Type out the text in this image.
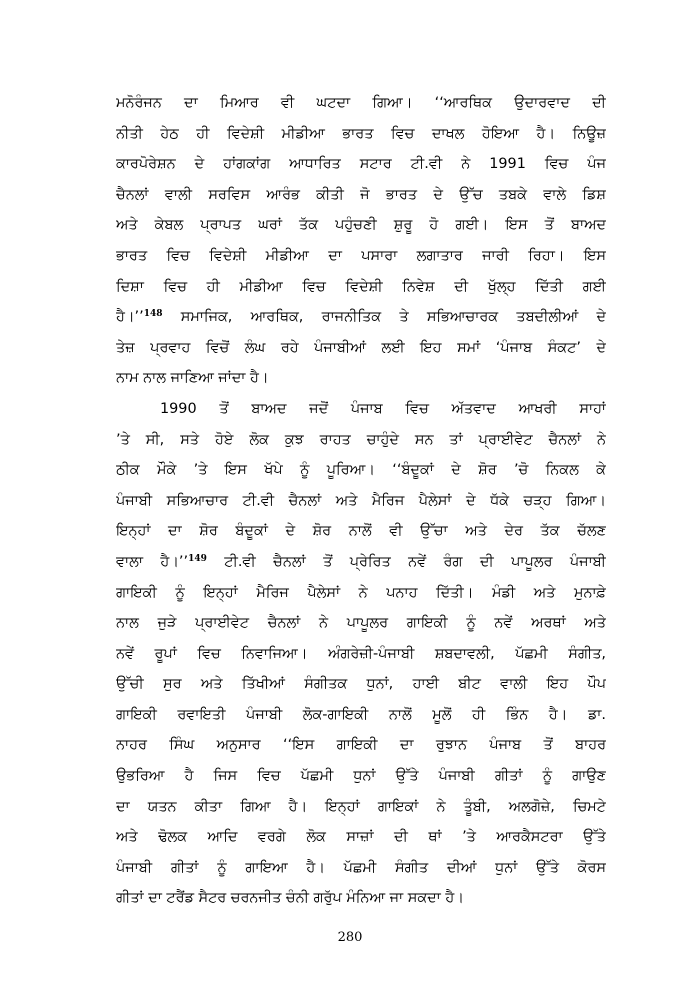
ਮਨੋਰੰਜਨ ਦਾ ਮਿਆਰ ਵੀ ਘਟਦਾ ਗਿਆ। ‘‘ਆਰਥਿਕ ਉਦਾਰਵਾਦ ਦੀ
ਨੀਤੀ ਹੇਠ ਹੀ ਵਿਦੇਸ਼ੀ ਮੀਡੀਆ ਭਾਰਤ ਵਿਚ ਦਾਖਲ ਹੋਇਆ ਹੈ। ਨਿਊਜ਼
ਕਾਰਪੋਰੇਸ਼ਨ ਦੇ ਹਾਂਗਕਾਂਗ ਆਧਾਰਿਤ ਸਟਾਰ ਟੀ.ਵੀ ਨੇ 1991 ਵਿਚ ਪੰਜ
ਚੈਨਲਾਂ ਵਾਲੀ ਸਰਵਿਸ ਆਰੰਭ ਕੀਤੀ ਜੋ ਭਾਰਤ ਦੇ ਉੱਚ ਤਬਕੇ ਵਾਲੇ ਡਿਸ਼
ਅਤੇ ਕੇਬਲ ਪ੍ਰਾਪਤ ਘਰਾਂ ਤੱਕ ਪਹੁੰਚਣੀ ਸ਼ੁਰੂ ਹੋ ਗਈ। ਇਸ ਤੋਂ ਬਾਅਦ
ਭਾਰਤ ਵਿਚ ਵਿਦੇਸ਼ੀ ਮੀਡੀਆ ਦਾ ਪਸਾਰਾ ਲਗਾਤਾਰ ਜਾਰੀ ਰਿਹਾ। ਇਸ
ਦਿਸ਼ਾ ਵਿਚ ਹੀ ਮੀਡੀਆ ਵਿਚ ਵਿਦੇਸ਼ੀ ਨਿਵੇਸ਼ ਦੀ ਖੁੱਲ੍ਹ ਦਿੱਤੀ ਗਈ
ਹੈ।’’$^{148}$ ਸਮਾਜਿਕ, ਆਰਥਿਕ, ਰਾਜਨੀਤਿਕ ਤੇ ਸਭਿਆਚਾਰਕ ਤਬਦੀਲੀਆਂ ਦੇ
ਤੇਜ਼ ਪ੍ਰਵਾਹ ਵਿਚੋਂ ਲੰਘ ਰਹੇ ਪੰਜਾਬੀਆਂ ਲਈ ਇਹ ਸਮਾਂ ‘ਪੰਜਾਬ ਸੰਕਟ’ ਦੇ
ਨਾਮ ਨਾਲ ਜਾਣਿਆ ਜਾਂਦਾ ਹੈ।
1990 ਤੋਂ ਬਾਅਦ ਜਦੋਂ ਪੰਜਾਬ ਵਿਚ ਅੱਤਵਾਦ ਆਖਰੀ ਸਾਹਾਂ
’ਤੇ ਸੀ, ਸਤੇ ਹੋਏ ਲੋਕ ਕੁਝ ਰਾਹਤ ਚਾਹੁੰਦੇ ਸਨ ਤਾਂ ਪ੍ਰਾਈਵੇਟ ਚੈਨਲਾਂ ਨੇ
ਠੀਕ ਮੌਕੇ ’ਤੇ ਇਸ ਖੱਪੇ ਨੂੰ ਪੂਰਿਆ। ‘‘ਬੰਦੂਕਾਂ ਦੇ ਸ਼ੋਰ ’ਚੋ ਨਿਕਲ ਕੇ
ਪੰਜਾਬੀ ਸਭਿਆਚਾਰ ਟੀ.ਵੀ ਚੈਨਲਾਂ ਅਤੇ ਮੈਰਿਜ ਪੈਲੇਸਾਂ ਦੇ ਧੱਕੇ ਚੜ੍ਹ ਗਿਆ।
ਇਨ੍ਹਾਂ ਦਾ ਸ਼ੋਰ ਬੰਦੂਕਾਂ ਦੇ ਸ਼ੋਰ ਨਾਲੋਂ ਵੀ ਉੱਚਾ ਅਤੇ ਦੇਰ ਤੱਕ ਚੱਲਣ
ਵਾਲਾ ਹੈ।’’$^{149}$ ਟੀ.ਵੀ ਚੈਨਲਾਂ ਤੋਂ ਪ੍ਰੇਰਿਤ ਨਵੇਂ ਰੰਗ ਦੀ ਪਾਪੂਲਰ ਪੰਜਾਬੀ
ਗਾਇਕੀ ਨੂੰ ਇਨ੍ਹਾਂ ਮੈਰਿਜ ਪੈਲੇਸਾਂ ਨੇ ਪਨਾਹ ਦਿੱਤੀ। ਮੰਡੀ ਅਤੇ ਮੁਨਾਫ਼ੇ
ਨਾਲ ਜੁੜੇ ਪ੍ਰਾਈਵੇਟ ਚੈਨਲਾਂ ਨੇ ਪਾਪੂਲਰ ਗਾਇਕੀ ਨੂੰ ਨਵੇਂ ਅਰਥਾਂ ਅਤੇ
ਨਵੇਂ ਰੂਪਾਂ ਵਿਚ ਨਿਵਾਜਿਆ। ਅੰਗਰੇਜ਼ੀ-ਪੰਜਾਬੀ ਸ਼ਬਦਾਵਲੀ, ਪੱਛਮੀ ਸੰਗੀਤ,
ਉੱਚੀ ਸੁਰ ਅਤੇ ਤਿੱਖੀਆਂ ਸੰਗੀਤਕ ਧੁਨਾਂ, ਹਾਈ ਬੀਟ ਵਾਲੀ ਇਹ ਪੌਪ
ਗਾਇਕੀ ਰਵਾਇਤੀ ਪੰਜਾਬੀ ਲੋਕ-ਗਾਇਕੀ ਨਾਲੋਂ ਮੂਲੋਂ ਹੀ ਭਿੰਨ ਹੈ। ਡਾ.
ਨਾਹਰ ਸਿੰਘ ਅਨੁਸਾਰ ‘‘ਇਸ ਗਾਇਕੀ ਦਾ ਰੁਝਾਨ ਪੰਜਾਬ ਤੋਂ ਬਾਹਰ
ਉਭਰਿਆ ਹੈ ਜਿਸ ਵਿਚ ਪੱਛਮੀ ਧੁਨਾਂ ਉੱਤੇ ਪੰਜਾਬੀ ਗੀਤਾਂ ਨੂੰ ਗਾਉਣ
ਦਾ ਯਤਨ ਕੀਤਾ ਗਿਆ ਹੈ। ਇਨ੍ਹਾਂ ਗਾਇਕਾਂ ਨੇ ਤੂੰਬੀ, ਅਲਗੋਜ਼ੇ, ਚਿਮਟੇ
ਅਤੇ ਢੋਲਕ ਆਦਿ ਵਰਗੇ ਲੋਕ ਸਾਜ਼ਾਂ ਦੀ ਥਾਂ ’ਤੇ ਆਰਕੈਸਟਰਾ ਉੱਤੇ
ਪੰਜਾਬੀ ਗੀਤਾਂ ਨੂੰ ਗਾਇਆ ਹੈ। ਪੱਛਮੀ ਸੰਗੀਤ ਦੀਆਂ ਧੁਨਾਂ ਉੱਤੇ ਕੋਰਸ
ਗੀਤਾਂ ਦਾ ਟਰੈਂਡ ਸੈਟਰ ਚਰਨਜੀਤ ਚੰਨੀ ਗਰੁੱਪ ਮੰਨਿਆ ਜਾ ਸਕਦਾ ਹੈ।
280
